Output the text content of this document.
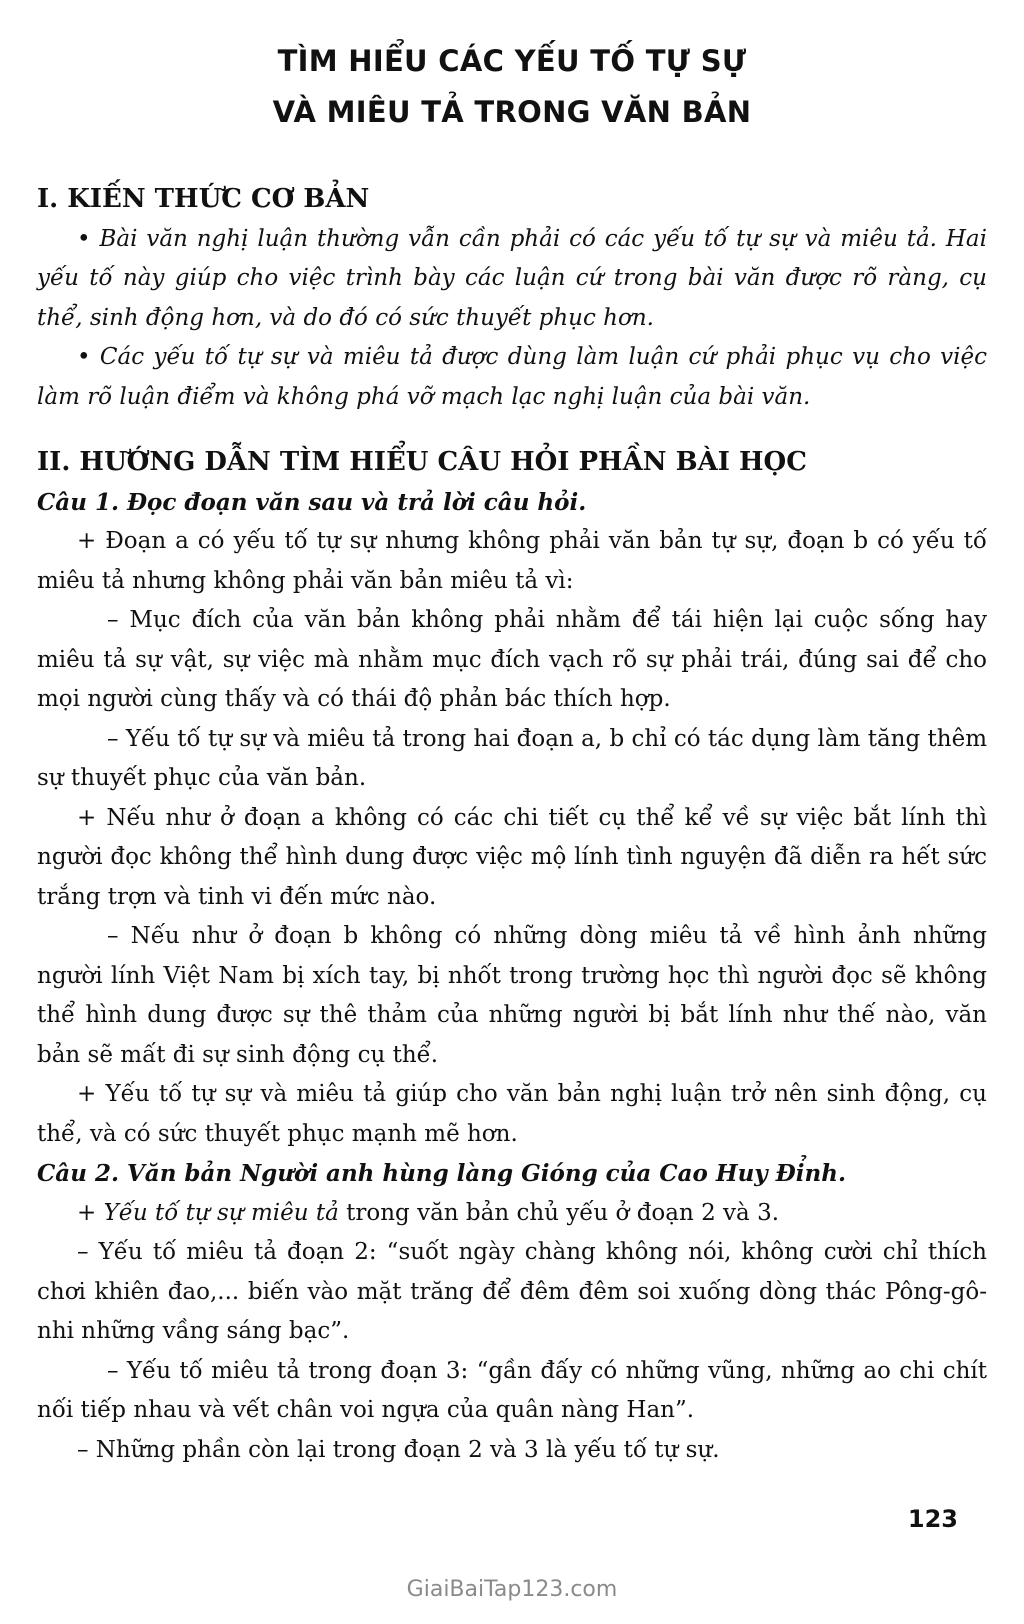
TÌM HIỂU CÁC YẾU TỐ TỰ SỰ
VÀ MIÊU TẢ TRONG VĂN BẢN

I. KIẾN THỨC CƠ BẢN

• Bài văn nghị luận thường vẫn cần phải có các yếu tố tự sự và miêu tả. Hai yếu tố này giúp cho việc trình bày các luận cứ trong bài văn được rõ ràng, cụ thể, sinh động hơn, và do đó có sức thuyết phục hơn.

• Các yếu tố tự sự và miêu tả được dùng làm luận cứ phải phục vụ cho việc làm rõ luận điểm và không phá vỡ mạch lạc nghị luận của bài văn.

II. HƯỚNG DẪN TÌM HIỂU CÂU HỎI PHẦN BÀI HỌC

Câu 1. Đọc đoạn văn sau và trả lời câu hỏi.

+ Đoạn a có yếu tố tự sự nhưng không phải văn bản tự sự, đoạn b có yếu tố miêu tả nhưng không phải văn bản miêu tả vì:

– Mục đích của văn bản không phải nhằm để tái hiện lại cuộc sống hay miêu tả sự vật, sự việc mà nhằm mục đích vạch rõ sự phải trái, đúng sai để cho mọi người cùng thấy và có thái độ phản bác thích hợp.

– Yếu tố tự sự và miêu tả trong hai đoạn a, b chỉ có tác dụng làm tăng thêm sự thuyết phục của văn bản.

+ Nếu như ở đoạn a không có các chi tiết cụ thể kể về sự việc bắt lính thì người đọc không thể hình dung được việc mộ lính tình nguyện đã diễn ra hết sức trắng trợn và tinh vi đến mức nào.

– Nếu như ở đoạn b không có những dòng miêu tả về hình ảnh những người lính Việt Nam bị xích tay, bị nhốt trong trường học thì người đọc sẽ không thể hình dung được sự thê thảm của những người bị bắt lính như thế nào, văn bản sẽ mất đi sự sinh động cụ thể.

+ Yếu tố tự sự và miêu tả giúp cho văn bản nghị luận trở nên sinh động, cụ thể, và có sức thuyết phục mạnh mẽ hơn.

Câu 2. Văn bản Người anh hùng làng Gióng của Cao Huy Đỉnh.

+ Yếu tố tự sự miêu tả trong văn bản chủ yếu ở đoạn 2 và 3.

– Yếu tố miêu tả đoạn 2: “suốt ngày chàng không nói, không cười chỉ thích chơi khiên đao,... biến vào mặt trăng để đêm đêm soi xuống dòng thác Pông-gô-nhi những vầng sáng bạc”.

– Yếu tố miêu tả trong đoạn 3: “gần đấy có những vũng, những ao chi chít nối tiếp nhau và vết chân voi ngựa của quân nàng Han”.

– Những phần còn lại trong đoạn 2 và 3 là yếu tố tự sự.

123
GiaiBaiTap123.com
